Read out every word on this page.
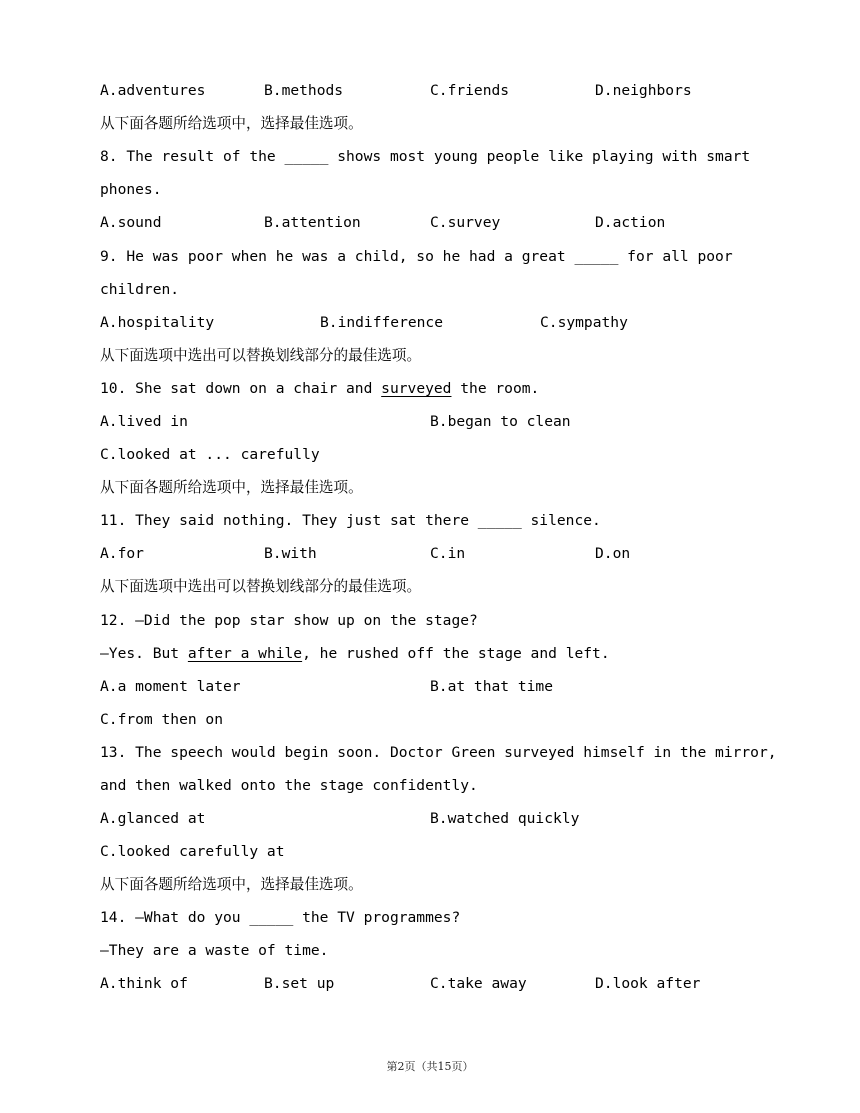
A.adventures	B.methods	C.friends	D.neighbors
从下面各题所给选项中，选择最佳选项。
8. The result of the _____ shows most young people like playing with smart
phones.
A.sound	B.attention	C.survey	D.action
9. He was poor when he was a child, so he had a great _____ for all poor
children.
A.hospitality	B.indifference	C.sympathy
从下面选项中选出可以替换划线部分的最佳选项。
10. She sat down on a chair and surveyed the room.
A.lived in	B.began to clean
C.looked at ... carefully
从下面各题所给选项中，选择最佳选项。
11. They said nothing. They just sat there _____ silence.
A.for	B.with	C.in	D.on
从下面选项中选出可以替换划线部分的最佳选项。
12. —Did the pop star show up on the stage?
—Yes. But after a while, he rushed off the stage and left.
A.a moment later	B.at that time
C.from then on
13. The speech would begin soon. Doctor Green surveyed himself in the mirror,
and then walked onto the stage confidently.
A.glanced at	B.watched quickly
C.looked carefully at
从下面各题所给选项中，选择最佳选项。
14. —What do you _____ the TV programmes?
—They are a waste of time.
A.think of	B.set up	C.take away	D.look after
第2页（共15页）
